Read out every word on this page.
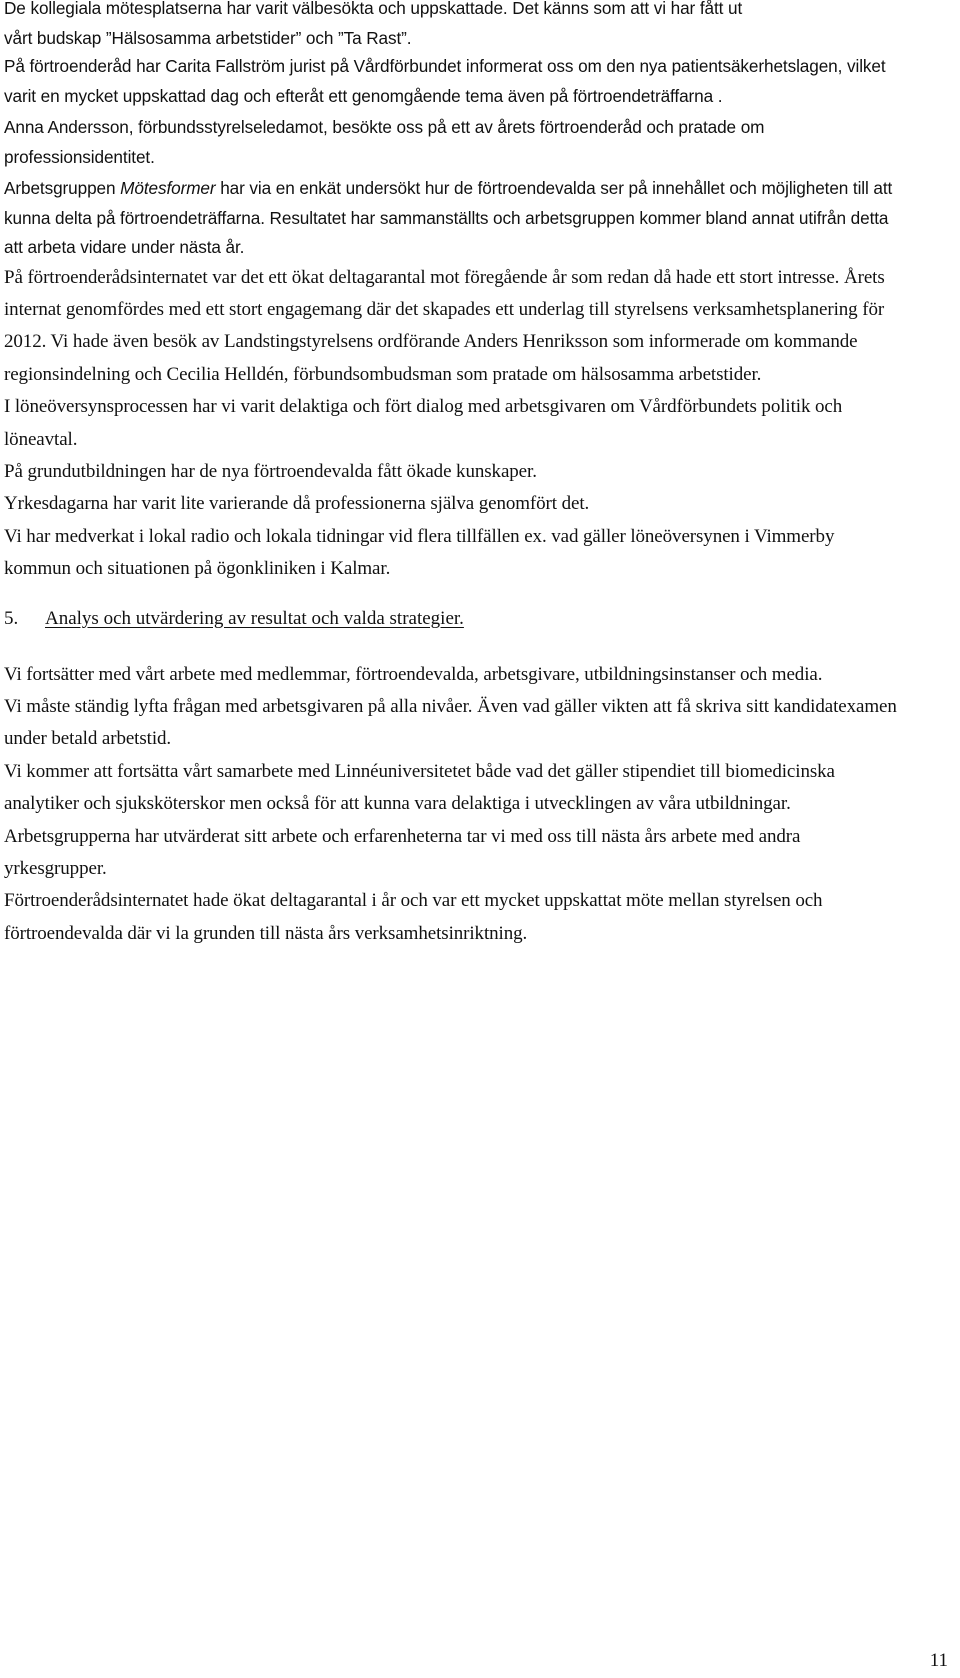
De kollegiala mötesplatserna har varit välbesökta och uppskattade. Det känns som att vi har fått ut
vårt budskap ”Hälsosamma arbetstider” och ”Ta Rast”.

På förtroenderåd har Carita Fallström jurist på Vårdförbundet informerat oss om den nya patientsäkerhetslagen, vilket varit en mycket uppskattad dag och efteråt ett genomgående tema även på förtroendeträffarna .

Anna Andersson, förbundsstyrelseledamot, besökte oss på ett av årets förtroenderåd och pratade om professionsidentitet.

Arbetsgruppen Mötesformer har via en enkät undersökt hur de förtroendevalda ser på innehållet och möjligheten till att kunna delta på förtroendeträffarna. Resultatet har sammanställts och arbetsgruppen kommer bland annat utifrån detta att arbeta vidare under nästa år.

På förtroenderådsinternatet var det ett ökat deltagarantal mot föregående år som redan då hade ett stort intresse. Årets internat genomfördes med ett stort engagemang där det skapades ett underlag till styrelsens verksamhetsplanering för 2012. Vi hade även besök av Landstingstyrelsens ordförande Anders Henriksson som informerade om kommande regionsindelning och Cecilia Helldén, förbundsombudsman som pratade om hälsosamma arbetstider.

I löneöversynsprocessen har vi varit delaktiga och fört dialog med arbetsgivaren om Vårdförbundets politik och löneavtal.

På grundutbildningen har de nya förtroendevalda fått ökade kunskaper.

Yrkesdagarna har varit lite varierande då professionerna själva genomfört det.

Vi har medverkat i lokal radio och lokala tidningar vid flera tillfällen ex. vad gäller löneöversynen i Vimmerby kommun och situationen på ögonkliniken i Kalmar.

5.	Analys och utvärdering av resultat och valda strategier.

Vi fortsätter med vårt arbete med medlemmar, förtroendevalda, arbetsgivare, utbildningsinstanser och media.

Vi måste ständig lyfta frågan med arbetsgivaren på alla nivåer. Även vad gäller vikten att få skriva sitt kandidatexamen under betald arbetstid.

Vi kommer att fortsätta vårt samarbete med Linnéuniversitetet både vad det gäller stipendiet till biomedicinska analytiker och sjuksköterskor men också för att kunna vara delaktiga i utvecklingen av våra utbildningar.

Arbetsgrupperna har utvärderat sitt arbete och erfarenheterna tar vi med oss till nästa års arbete med andra yrkesgrupper.

Förtroenderådsinternatet hade ökat deltagarantal i år och var ett mycket uppskattat möte mellan styrelsen och förtroendevalda där vi la grunden till nästa års verksamhetsinriktning.

11
